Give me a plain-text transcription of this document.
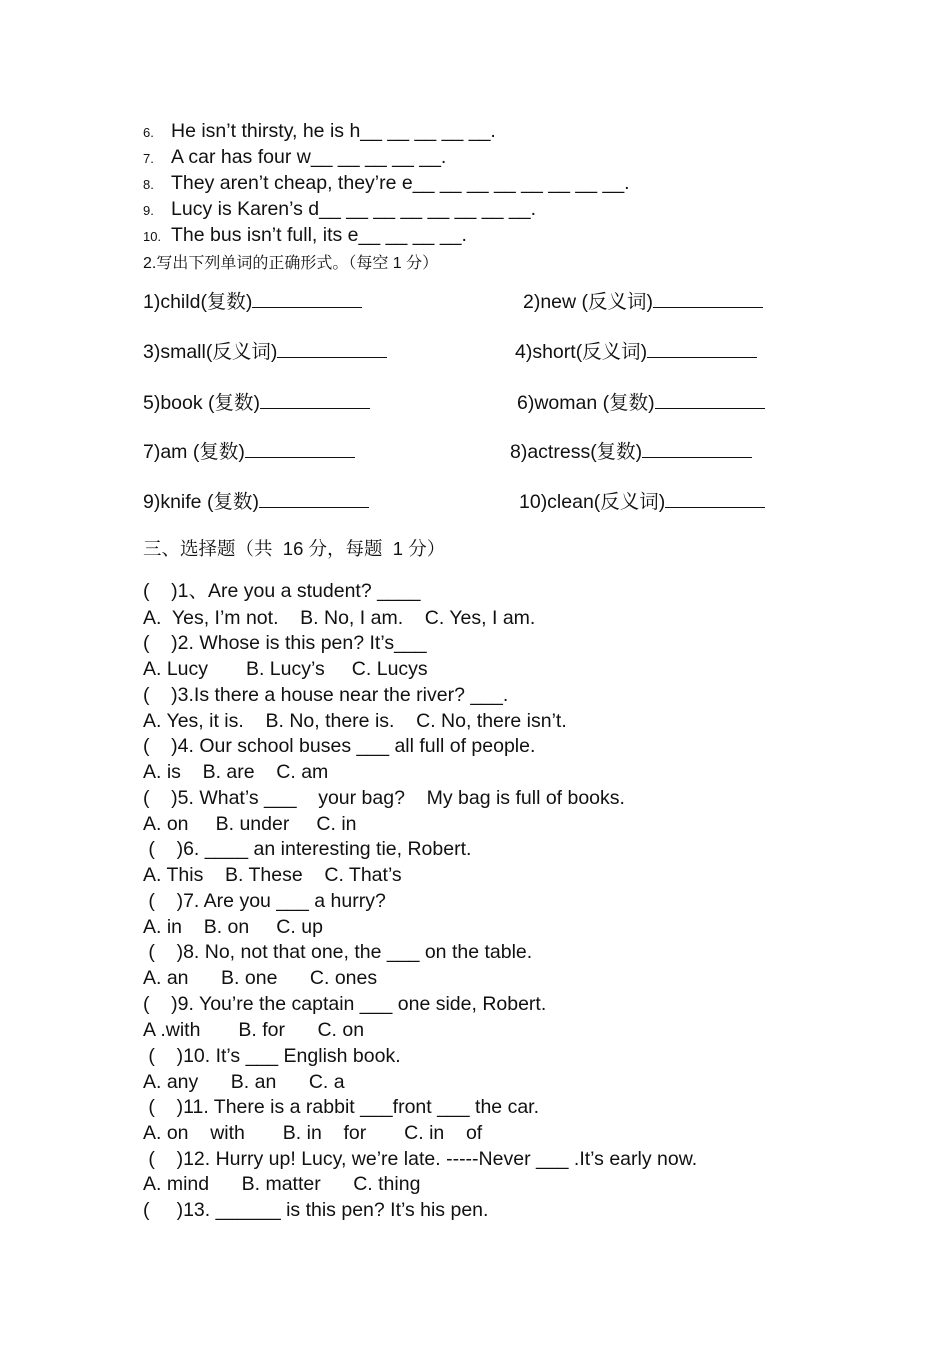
6. He isn’t thirsty, he is h__ __ __ __ __.
7. A car has four w__ __ __ __ __.
8. They aren’t cheap, they’re e__ __ __ __ __ __ __ __.
9. Lucy is Karen’s d__ __ __ __ __ __ __ __.
10. The bus isn’t full, its e__ __ __ __.
2.写出下列单词的正确形式。（每空 1 分）
1)child(复数)	2)new (反义词)
3)small(反义词)	4)short(反义词)
5)book (复数)	6)woman (复数)
7)am (复数)	8)actress(复数)
9)knife (复数)	10)clean(反义词)
三、选择题（共  16 分，每题  1 分）
(    )1、Are you a student? ____
A.  Yes, I’m not.    B. No, I am.    C. Yes, I am.
(    )2. Whose is this pen? It’s___
A. Lucy       B. Lucy’s     C. Lucys
(    )3.Is there a house near the river? ___.
A. Yes, it is.    B. No, there is.    C. No, there isn’t.
(    )4. Our school buses ___ all full of people.
A. is    B. are    C. am
(    )5. What’s ___    your bag?    My bag is full of books.
A. on     B. under     C. in
(    )6. ____ an interesting tie, Robert.
A. This    B. These    C. That’s
(    )7. Are you ___ a hurry?
A. in    B. on     C. up
(    )8. No, not that one, the ___ on the table.
A. an      B. one      C. ones
(    )9. You’re the captain ___ one side, Robert.
A .with       B. for      C. on
(    )10. It’s ___ English book.
A. any      B. an      C. a
(    )11. There is a rabbit ___front ___ the car.
A. on    with       B. in    for       C. in    of
(    )12. Hurry up! Lucy, we’re late. -----Never ___ .It’s early now.
A. mind      B. matter      C. thing
(     )13. ______ is this pen? It’s his pen.
